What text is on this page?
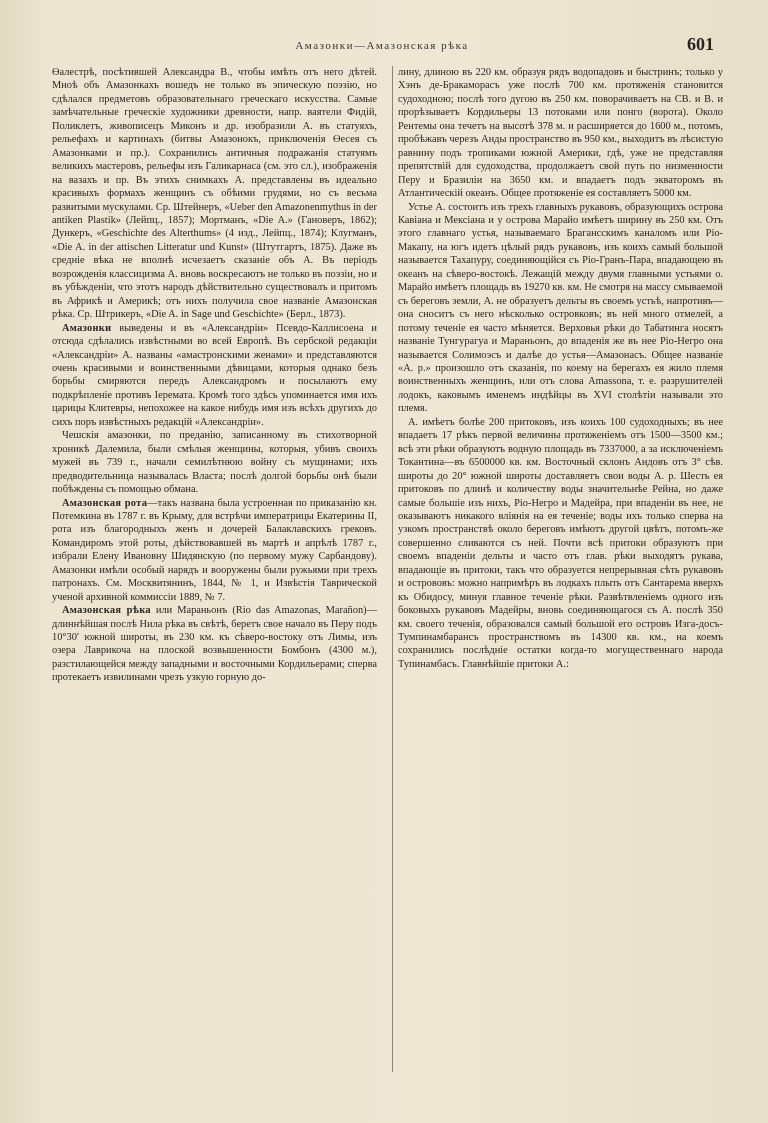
Амазонки—Амазонская рѣка	601

Өалестрѣ, посѣтившей Александра В., чтобы имѣть отъ него дѣтей. Мноѣ объ Амазонкахъ вошедъ не только въ эпическую поэзію, но сдѣлался предметовъ образовательнаго греческаго искусства. Самые замѣчательные греческіе художники древности, напр. ваятели Фидій, Поликлетъ, живописецъ Миконъ и др. изобразили А. въ статуяхъ, рельефахъ и картинахъ (битвы Амазонокъ, приключенія Өесея съ Амазонками и пр.). Сохранились античныя подражанія статуямъ великихъ мастеровъ, рельефы изъ Галикарнаса (см. это сл.), изображенія на вазахъ и пр. Въ этихъ снимкахъ А. представлены въ идеально красивыхъ формахъ женщинъ съ обѣими грудями, но съ весьма развитыми мускулами. Ср. Штейнеръ, «Ueber den Amazonenmythus in der antiken Plastik» (Лейпц., 1857); Мортманъ, «Die A.» (Гановеръ, 1862); Дункеръ, «Geschichte des Alterthums» (4 изд., Лейпц., 1874); Клугманъ, «Die A. in der attischen Litteratur und Kunst» (Штутгартъ, 1875). Даже въ средніе вѣка не вполнѣ исчезаетъ сказаніе объ А. Въ періодъ возрожденія классицизма А. вновь воскресаютъ не только въ поэзіи, но и въ убѣжденіи, что этотъ народъ дѣйствительно существовалъ и притомъ въ Африкѣ и Америкѣ; отъ нихъ получила свое названіе Амазонская рѣка. Ср. Штрикеръ, «Die A. in Sage und Geschichte» (Берл., 1873).

Амазонки выведены и въ «Александріи» Псевдо-Каллисоена и отсюда сдѣлались извѣстными во всей Европѣ. Въ сербской редакціи «Александріи» А. названы «амастронскими женами» и представляются очень красивыми и воинственными дѣвицами, которыя однако безъ борьбы смиряются передъ Александромъ и посылаютъ ему подкрѣпленіе противъ Іеремата. Кромѣ того здѣсь упоминается имя ихъ царицы Клитевры, непохожее на какое нибудь имя изъ всѣхъ другихъ до сихъ поръ извѣстныхъ редакцій «Александріи».

Чешскія амазонки, по преданію, записанному въ стихотворной хроникѣ Далемила, были смѣлыя женщины, которыя, убивъ своихъ мужей въ 739 г., начали семилѣтнюю войну съ мущинами; ихъ предводительница называлась Власта; послѣ долгой борьбы онѣ были побѣждены съ помощью обмана.

Амазонская рота—такъ названа была устроенная по приказанію кн. Потемкина въ 1787 г. въ Крыму, для встрѣчи императрицы Екатерины II, рота изъ благородныхъ женъ и дочерей Балаклавскихъ грековъ. Командиромъ этой роты, дѣйствовавшей въ мартѣ и апрѣлѣ 1787 г., избрали Елену Ивановну Шидянскую (по первому мужу Сарбандову). Амазонки имѣли особый нарядъ и вооружены были ружьями при трехъ патронахъ. См. Москвитянинъ, 1844, № 1, и Извѣстія Таврической ученой архивной коммиссіи 1889, № 7.

Амазонская рѣка или Мараньонъ (Rio das Amazonas, Marañon)—длиннѣйшая послѣ Нила рѣка въ свѣтѣ, беретъ свое начало въ Перу подъ 10°30′ южной широты, въ 230 км. къ сѣверо-востоку отъ Лимы, изъ озера Лаврикоча на плоской возвышенности Бомбонъ (4300 м.), разстилающейся между западными и восточными Кордильерами; сперва протекаетъ извилинами чрезъ узкую горную до-

лину, длиною въ 220 км. образуя рядъ водопадовъ и быстринъ; только у Хэнъ де-Бракаморасъ уже послѣ 700 км. протяженія становится судоходною; послѣ того дугою въ 250 км. поворачиваетъ на СВ. и В. и прорѣзываетъ Кордильеры 13 потоками или понго (ворота). Около Рентемы она течетъ на высотѣ 378 м. и расширяется до 1600 м., потомъ, пробѣжавъ черезъ Анды пространство въ 950 км., выходитъ въ лѣсистую равнину подъ тропиками южной Америки, гдѣ, уже не представляя препятствій для судоходства, продолжаетъ свой путь по низменности Перу и Бразиліи на 3650 км. и впадаетъ подъ экваторомъ въ Атлантическій океанъ. Общее протяженіе ея составляетъ 5000 км.

Устье А. состоитъ изъ трехъ главныхъ рукавовъ, образующихъ острова Кавіана и Мексіана и у острова Марайо имѣетъ ширину въ 250 км. Отъ этого главнаго устья, называемаго Брагансскимъ каналомъ или Ріо-Макапу, на югъ идетъ цѣлый рядъ рукавовъ, изъ коихъ самый большой называется Тахапуру, соединяющійся съ Ріо-Гранъ-Пара, впадающею въ океанъ на сѣверо-востокѣ. Лежащій между двумя главными устьями о. Марайо имѣетъ площадь въ 19270 кв. км. Не смотря на массу смываемой съ береговъ земли, А. не образуетъ дельты въ своемъ устьѣ, напротивъ—она сноситъ съ него нѣсколько островковъ; въ ней много отмелей, а потому теченіе ея часто мѣняется. Верховья рѣки до Табатинга носятъ названіе Тунгурагуа и Мараньонъ, до впаденія же въ нее Ріо-Негро она называется Солимоэсъ и далѣе до устья—Амазонасъ. Общее названіе «А. р.» произошло отъ сказанія, по коему на берегахъ ея жило племя воинственныхъ женщинъ, или отъ слова Amassona, т. е. разрушителей лодокъ, каковымъ именемъ индѣйцы въ XVI столѣтіи называли это племя.

А. имѣетъ болѣе 200 притоковъ, изъ коихъ 100 судоходныхъ; въ нее впадаетъ 17 рѣкъ первой величины протяженіемъ отъ 1500—3500 км.; всѣ эти рѣки образуютъ водную площадь въ 7337000, а за исключеніемъ Токантина—въ 6500000 кв. км. Восточный склонъ Андовъ отъ 3° сѣв. широты до 20° южной широты доставляетъ свои воды А. р. Шесть ея притоковъ по длинѣ и количеству воды значительнѣе Рейна, но даже самые большіе изъ нихъ, Ріо-Негро и Мадейра, при впаденіи въ нее, не оказываютъ никакого вліянія на ея теченіе; воды ихъ только сперва на узкомъ пространствѣ около береговъ имѣютъ другой цвѣтъ, потомъ-же совершенно сливаются съ ней. Почти всѣ притоки образуютъ при своемъ впаденіи дельты и часто отъ глав. рѣки выходятъ рукава, впадающіе въ притоки, такъ что образуется непрерывная сѣть рукавовъ и острововъ: можно напримѣръ въ лодкахъ плыть отъ Сантарема вверхъ къ Обидосу, минуя главное теченіе рѣки. Развѣтвленіемъ одного изъ боковыхъ рукавовъ Мадейры, вновь соединяющагося съ А. послѣ 350 км. своего теченія, образовался самый большой его островъ Изга-досъ-Тумпинамбарансъ пространствомъ въ 14300 кв. км., на коемъ сохранились послѣдніе остатки когда-то могущественнаго народа Тупинамбасъ. Главнѣйшіе притоки А.:
